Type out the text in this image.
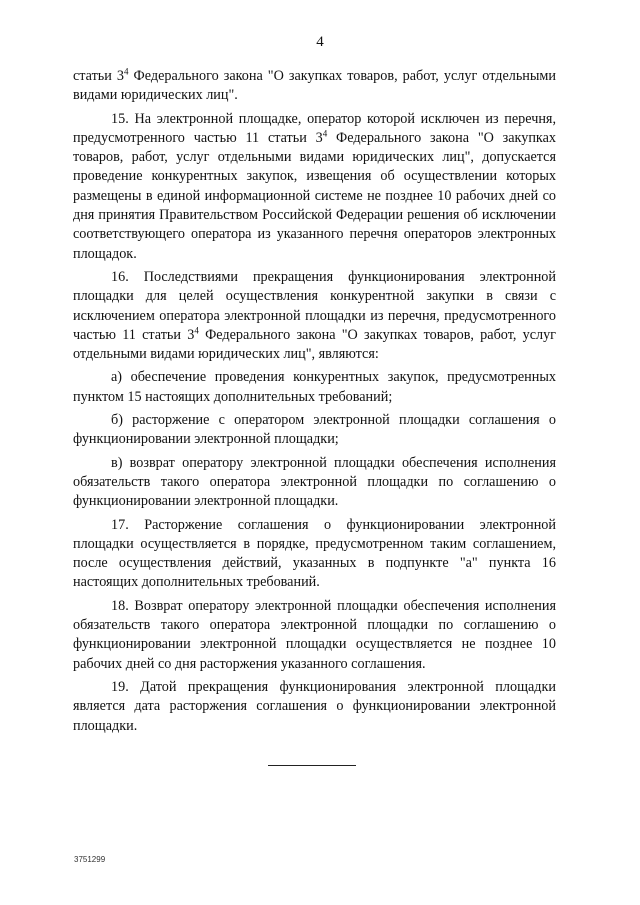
4

статьи $3^4$ Федерального закона "О закупках товаров, работ, услуг отдельными видами юридических лиц".

15. На электронной площадке, оператор которой исключен из перечня, предусмотренного частью 11 статьи $3^4$ Федерального закона "О закупках товаров, работ, услуг отдельными видами юридических лиц", допускается проведение конкурентных закупок, извещения об осуществлении которых размещены в единой информационной системе не позднее 10 рабочих дней со дня принятия Правительством Российской Федерации решения об исключении соответствующего оператора из указанного перечня операторов электронных площадок.

16. Последствиями прекращения функционирования электронной площадки для целей осуществления конкурентной закупки в связи с исключением оператора электронной площадки из перечня, предусмотренного частью 11 статьи $3^4$ Федерального закона "О закупках товаров, работ, услуг отдельными видами юридических лиц", являются:

а) обеспечение проведения конкурентных закупок, предусмотренных пунктом 15 настоящих дополнительных требований;

б) расторжение с оператором электронной площадки соглашения о функционировании электронной площадки;

в) возврат оператору электронной площадки обеспечения исполнения обязательств такого оператора электронной площадки по соглашению о функционировании электронной площадки.

17. Расторжение соглашения о функционировании электронной площадки осуществляется в порядке, предусмотренном таким соглашением, после осуществления действий, указанных в подпункте "а" пункта 16 настоящих дополнительных требований.

18. Возврат оператору электронной площадки обеспечения исполнения обязательств такого оператора электронной площадки по соглашению о функционировании электронной площадки осуществляется не позднее 10 рабочих дней со дня расторжения указанного соглашения.

19. Датой прекращения функционирования электронной площадки является дата расторжения соглашения о функционировании электронной площадки.

3751299
